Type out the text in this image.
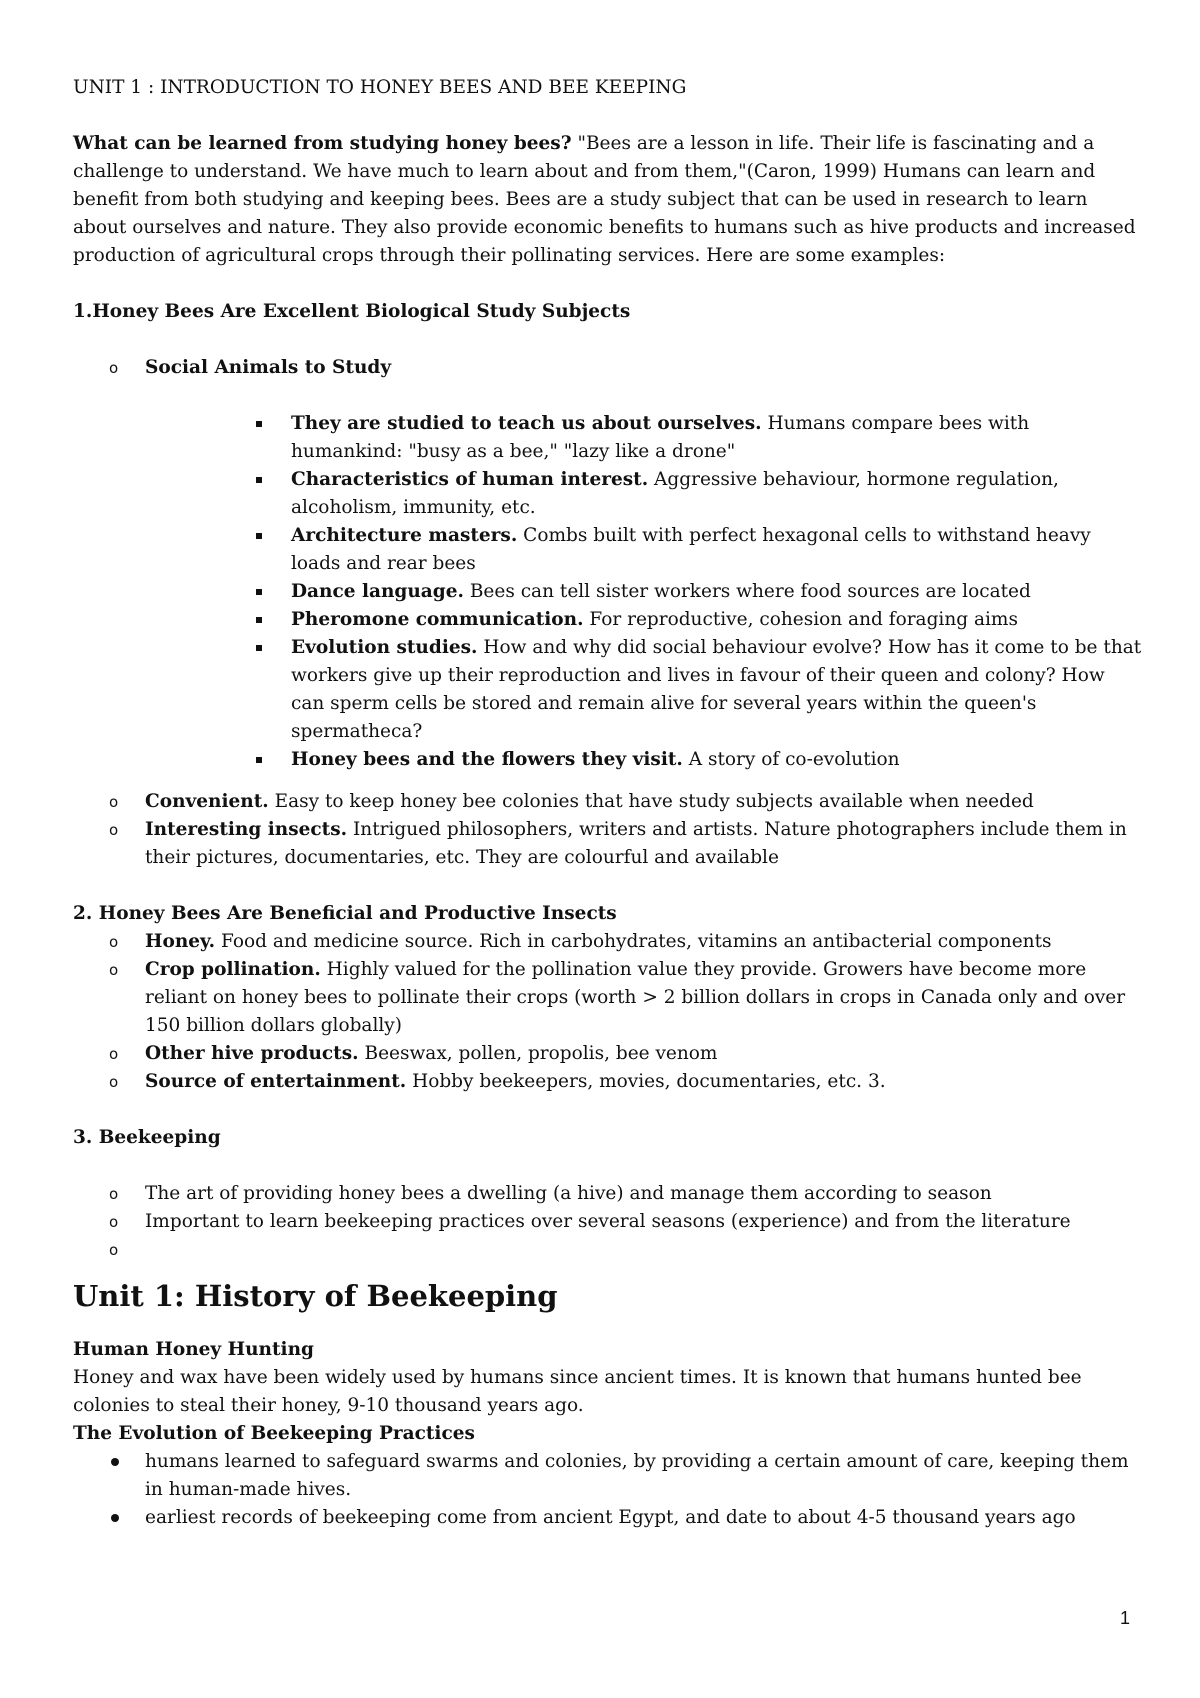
UNIT 1 : INTRODUCTION TO HONEY BEES AND BEE KEEPING

What can be learned from studying honey bees? "Bees are a lesson in life. Their life is fascinating and a challenge to understand. We have much to learn about and from them,"(Caron, 1999) Humans can learn and benefit from both studying and keeping bees. Bees are a study subject that can be used in research to learn about ourselves and nature. They also provide economic benefits to humans such as hive products and increased production of agricultural crops through their pollinating services. Here are some examples:

1.Honey Bees Are Excellent Biological Study Subjects

o Social Animals to Study
They are studied to teach us about ourselves. Humans compare bees with humankind: "busy as a bee," "lazy like a drone"
Characteristics of human interest. Aggressive behaviour, hormone regulation, alcoholism, immunity, etc.
Architecture masters. Combs built with perfect hexagonal cells to withstand heavy loads and rear bees
Dance language. Bees can tell sister workers where food sources are located
Pheromone communication. For reproductive, cohesion and foraging aims
Evolution studies. How and why did social behaviour evolve? How has it come to be that workers give up their reproduction and lives in favour of their queen and colony? How can sperm cells be stored and remain alive for several years within the queen's spermatheca?
Honey bees and the flowers they visit. A story of co-evolution
o Convenient. Easy to keep honey bee colonies that have study subjects available when needed
o Interesting insects. Intrigued philosophers, writers and artists. Nature photographers include them in their pictures, documentaries, etc. They are colourful and available

2. Honey Bees Are Beneficial and Productive Insects

o Honey. Food and medicine source. Rich in carbohydrates, vitamins an antibacterial components
o Crop pollination. Highly valued for the pollination value they provide. Growers have become more reliant on honey bees to pollinate their crops (worth > 2 billion dollars in crops in Canada only and over 150 billion dollars globally)
o Other hive products. Beeswax, pollen, propolis, bee venom
o Source of entertainment. Hobby beekeepers, movies, documentaries, etc. 3.

3. Beekeeping

o The art of providing honey bees a dwelling (a hive) and manage them according to season
o Important to learn beekeeping practices over several seasons (experience) and from the literature
o
Unit 1: History of Beekeeping

Human Honey Hunting

Honey and wax have been widely used by humans since ancient times. It is known that humans hunted bee colonies to steal their honey, 9-10 thousand years ago.

The Evolution of Beekeeping Practices

humans learned to safeguard swarms and colonies, by providing a certain amount of care, keeping them in human-made hives.
earliest records of beekeeping come from ancient Egypt, and date to about 4-5 thousand years ago
1
